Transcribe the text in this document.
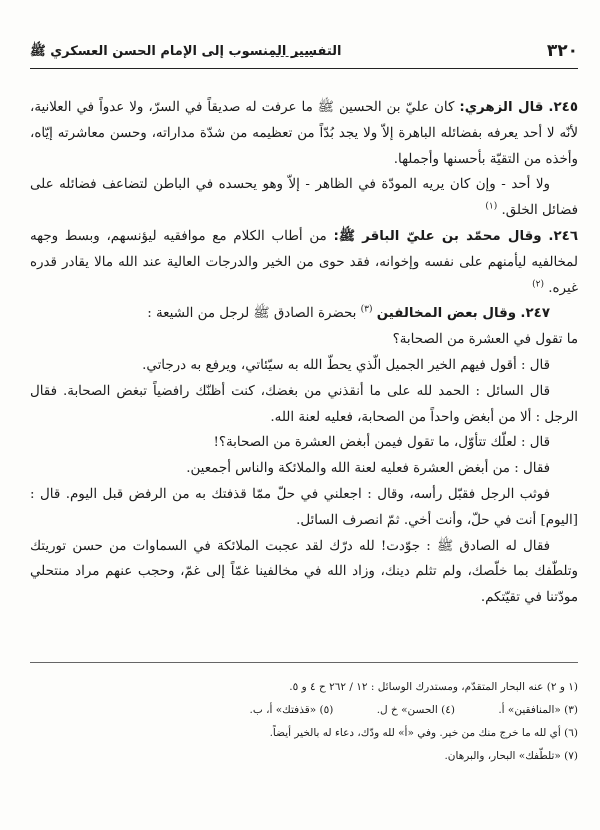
٣٢٠
التفسير المنسوب إلى الإمام الحسن العسكري ﷺ

٢٤٥. قال الزهري: كان عليّ بن الحسين ﷺ ما عرفت له صديقاً في السرّ، ولا عدواً في العلانية، لأنّه لا أحد يعرفه بفضائله الباهرة إلاّ ولا يجد بُدّاً من تعظيمه من شدّة مداراته، وحسن معاشرته إيّاه، وأخذه من التقيّة بأحسنها وأجملها.

ولا أحد - وإن كان يريه المودّة في الظاهر - إلاّ وهو يحسده في الباطن لتضاعف فضائله على فضائل الخلق. $^{(١)}$

٢٤٦. وقال محمّد بن عليّ الباقر ﷺ: من أطاب الكلام مع موافقيه ليؤنسهم، وبسط وجهه لمخالفيه ليأمنهم على نفسه وإخوانه، فقد حوى من الخير والدرجات العالية عند الله مالا يقادر قدره غيره. $^{(٢)}$

٢٤٧. وقال بعض المخالفين $^{(٣)}$ بحضرة الصادق ﷺ لرجل من الشيعة :

ما تقول في العشرة من الصحابة؟

قال : أقول فيهم الخير الجميل الّذي يحطّ الله به سيّئاتي، ويرفع به درجاتي.

قال السائل : الحمد لله على ما أنقذني من بغضك، كنت أظنّك رافضياً تبغض الصحابة. فقال الرجل : ألا من أبغض واحداً من الصحابة، فعليه لعنة الله.

قال : لعلّك تتأوّل، ما تقول فيمن أبغض العشرة من الصحابة؟!

فقال : من أبغض العشرة فعليه لعنة الله والملائكة والناس أجمعين.

فوثب الرجل فقبّل رأسه، وقال : اجعلني في حلّ ممّا قذفتك به من الرفض قبل اليوم. قال : [اليوم] أنت في حلّ، وأنت أخي. ثمّ انصرف السائل.

فقال له الصادق ﷺ : جوّدت! لله درّك لقد عجبت الملائكة في السماوات من حسن توريتك وتلطّفك بما خلّصك، ولم تثلم دينك، وزاد الله في مخالفينا غمّاً إلى غمّ، وحجب عنهم مراد منتحلي مودّتنا في تقيّتكم.

(١ و ٢) عنه البحار المتقدّم، ومستدرك الوسائل : ١٢ / ٢٦٢ ح ٤ و ٥.
(٣) «المنافقين» أ. (٤) الحسن» خ ل. (٥) «قذفتك» أ، ب.
(٦) أي لله ما خرج منك من خير. وفي «أ» لله ودّك، دعاء له بالخير أيضاً.
(٧) «تلطّفك» البحار، والبرهان.
